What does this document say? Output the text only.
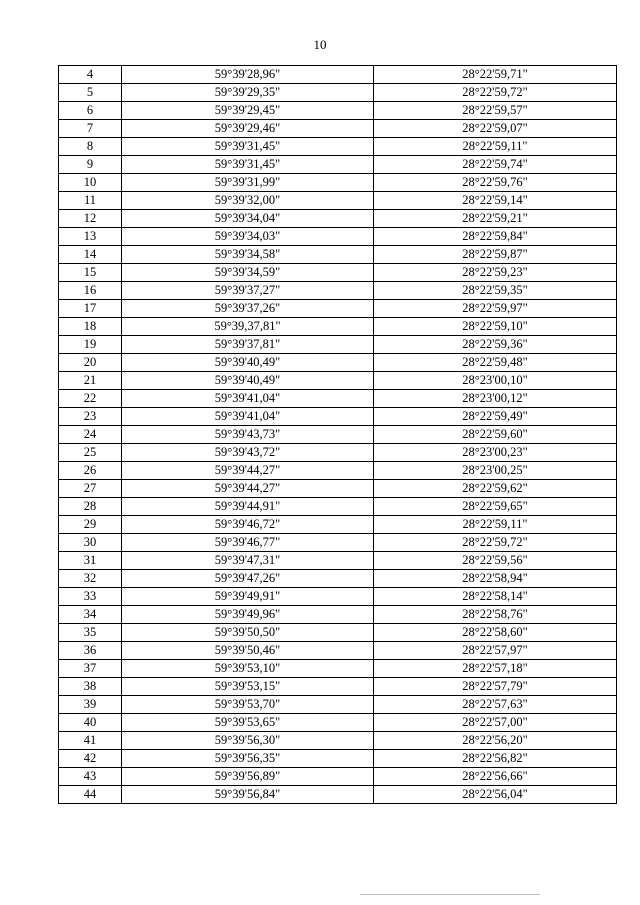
10
4	59°39'28,96"	28°22'59,71"
5	59°39'29,35"	28°22'59,72"
6	59°39'29,45"	28°22'59,57"
7	59°39'29,46"	28°22'59,07"
8	59°39'31,45"	28°22'59,11"
9	59°39'31,45"	28°22'59,74"
10	59°39'31,99"	28°22'59,76"
11	59°39'32,00"	28°22'59,14"
12	59°39'34,04"	28°22'59,21"
13	59°39'34,03"	28°22'59,84"
14	59°39'34,58"	28°22'59,87"
15	59°39'34,59"	28°22'59,23"
16	59°39'37,27"	28°22'59,35"
17	59°39'37,26"	28°22'59,97"
18	59°39,37,81"	28°22'59,10"
19	59°39'37,81"	28°22'59,36"
20	59°39'40,49"	28°22'59,48"
21	59°39'40,49"	28°23'00,10"
22	59°39'41,04"	28°23'00,12"
23	59°39'41,04"	28°22'59,49"
24	59°39'43,73"	28°22'59,60"
25	59°39'43,72"	28°23'00,23"
26	59°39'44,27"	28°23'00,25"
27	59°39'44,27"	28°22'59,62"
28	59°39'44,91"	28°22'59,65"
29	59°39'46,72"	28°22'59,11"
30	59°39'46,77"	28°22'59,72"
31	59°39'47,31"	28°22'59,56"
32	59°39'47,26"	28°22'58,94"
33	59°39'49,91"	28°22'58,14"
34	59°39'49,96"	28°22'58,76"
35	59°39'50,50"	28°22'58,60"
36	59°39'50,46"	28°22'57,97"
37	59°39'53,10"	28°22'57,18"
38	59°39'53,15"	28°22'57,79"
39	59°39'53,70"	28°22'57,63"
40	59°39'53,65"	28°22'57,00"
41	59°39'56,30"	28°22'56,20"
42	59°39'56,35"	28°22'56,82"
43	59°39'56,89"	28°22'56,66"
44	59°39'56,84"	28°22'56,04"
